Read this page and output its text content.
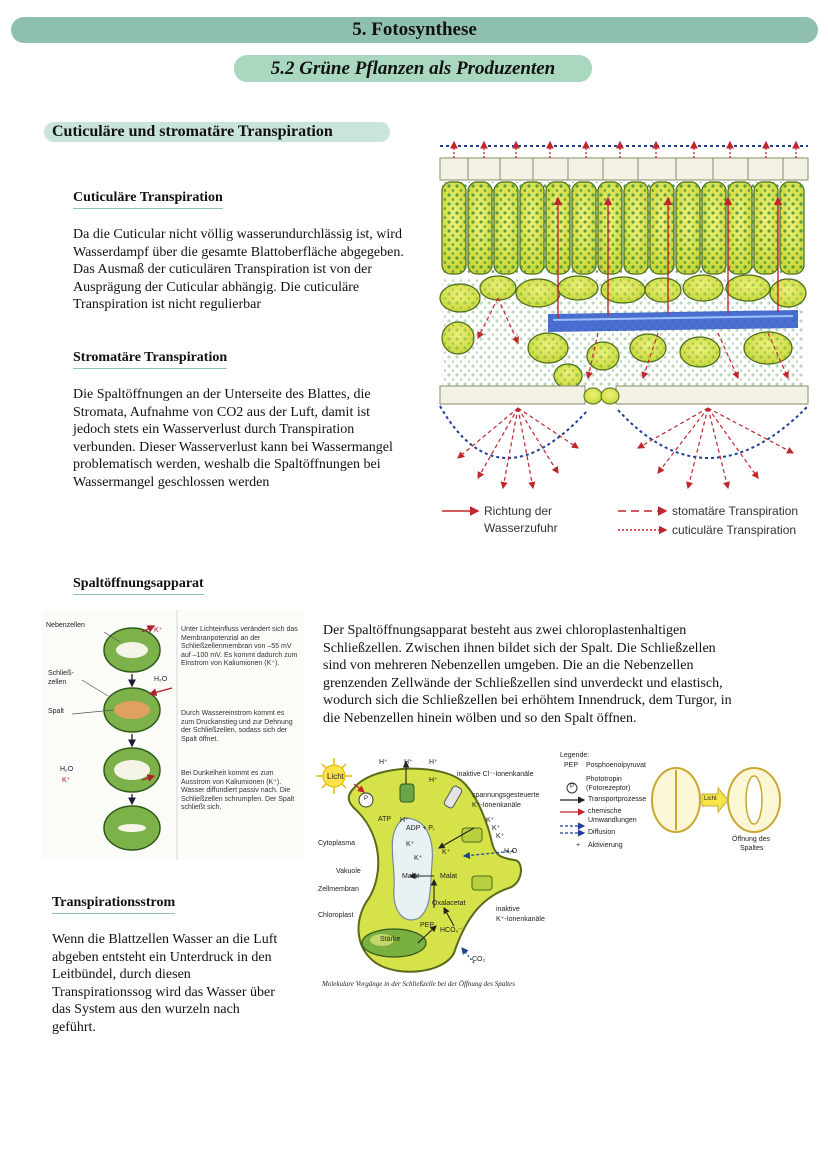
5. Fotosynthese
5.2 Grüne Pflanzen als Produzenten
Cuticuläre und stromatäre Transpiration
Cuticuläre Transpiration
Da die Cuticular nicht völlig wasserundurchlässig ist, wird
Wasserdampf über die gesamte Blattoberfläche abgegeben.
Das Ausmaß der cuticulären Transpiration ist von der
Ausprägung der Cuticular abhängig. Die cuticuläre
Transpiration ist nicht regulierbar
Stromatäre Transpiration
Die Spaltöffnungen an der Unterseite des Blattes, die
Stromata, Aufnahme von CO2 aus der Luft, damit ist
jedoch stets ein Wasserverlust durch Transpiration
verbunden. Dieser Wasserverlust kann bei Wassermangel
problematisch werden, weshalb die Spaltöffnungen bei
Wassermangel geschlossen werden
Richtung der
Wasserzufuhr
stomatäre Transpiration
cuticuläre Transpiration
Spaltöffnungsapparat
Nebenzellen
Schließ-
zellen
Spalt
K⁺
H₂O
H₂O
K⁺
Unter Lichteinfluss verändert sich das Membranpotenzial an der Schließzellenmembran von –55 mV auf –100 mV. Es kommt dadurch zum Einstrom von Kaliumionen (K⁺).
Durch Wassereinstrom kommt es zum Druckanstieg und zur Dehnung der Schließzellen, sodass sich der Spalt öffnet.
Bei Dunkelheit kommt es zum Ausstrom von Kaliumionen (K⁺). Wasser diffundiert passiv nach. Die Schließzellen schrumpfen. Der Spalt schließt sich.
Der Spaltöffnungsapparat besteht aus zwei chloroplastenhaltigen
Schließzellen. Zwischen ihnen bildet sich der Spalt. Die Schließzellen
sind von mehreren Nebenzellen umgeben. Die an die Nebenzellen
grenzenden Zellwände der Schließzellen sind unverdeckt und elastisch,
wodurch sich die Schließzellen bei erhöhtem Innendruck, dem Turgor, in
die Nebenzellen hinein wölben und so den Spalt öffnen.
Licht
H⁺ H⁺ H⁺
H⁺
P
ATP H⁺
ADP + Pᵢ
K⁺
K⁺
K⁺
K⁺
K⁺
K⁺
Malat	Malat
Oxalacetat
PEP
HCO₃⁻
CO₂
Stärke
H₂O
Cytoplasma
Vakuole
Zellmembran
Chloroplast
inaktive Cl⁻-Ionenkanäle
spannungsgesteuerte
K⁺-Ionenkanäle
inaktive
K⁺-Ionenkanäle
Molekulare Vorgänge in der Schließzelle bei der Öffnung des Spaltes
Legende:
PEP Posphoenolpyruvat
P
Phototropin (Fotorezeptor)
Transportprozesse
chemische Umwandlungen
Diffusion
+ Aktivierung
Licht
Öffnung des
Spaltes
Transpirationsstrom
Wenn die Blattzellen Wasser an die Luft
abgeben entsteht ein Unterdruck in den
Leitbündel, durch diesen
Transpirationssog wird das Wasser über
das System aus den wurzeln nach
geführt.
